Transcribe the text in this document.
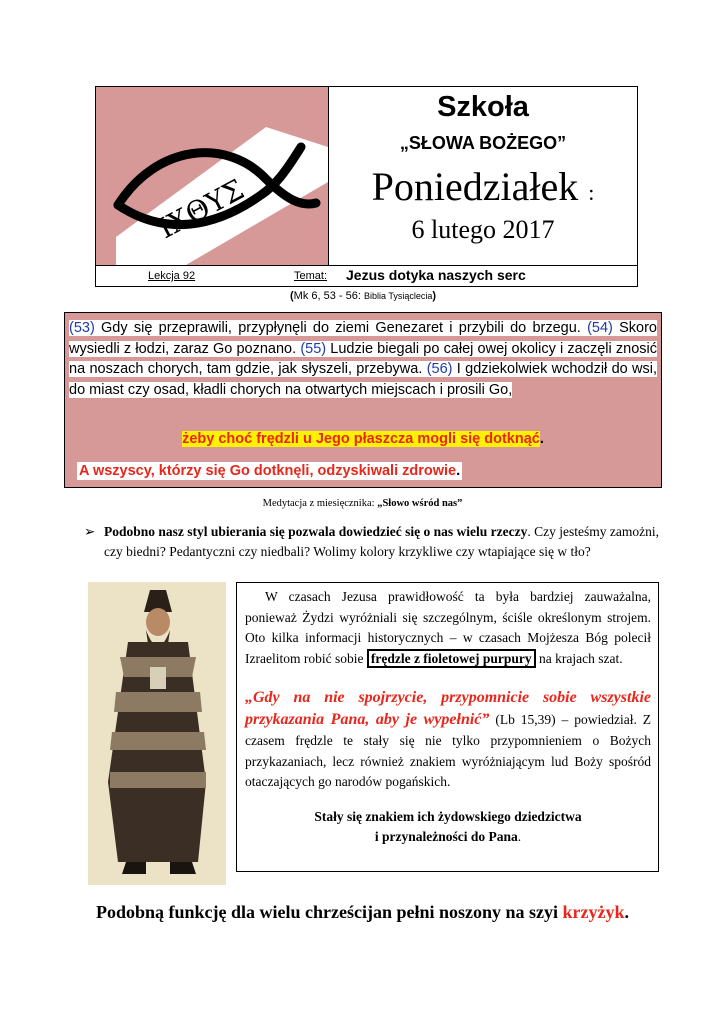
ΙΧΘΥΣ
Szkoła
„SŁOWA BOŻEGO”
Poniedziałek :
6 lutego 2017
Lekcja 92	Temat: Jezus dotyka naszych serc
(Mk 6, 53 - 56: Biblia Tysiąclecia)
(53) Gdy się przeprawili, przypłynęli do ziemi Genezaret i przybili do brzegu. (54) Skoro wysiedli z łodzi, zaraz Go poznano. (55) Ludzie biegali po całej owej okolicy i zaczęli znosić na noszach chorych, tam gdzie, jak słyszeli, przebywa. (56) I gdziekolwiek wchodził do wsi, do miast czy osad, kładli chorych na otwartych miejscach i prosili Go,
żeby choć frędzli u Jego płaszcza mogli się dotknąć.
A wszyscy, którzy się Go dotknęli, odzyskiwali zdrowie.
Medytacja z miesięcznika: „Słowo wśród nas”
➢ Podobno nasz styl ubierania się pozwala dowiedzieć się o nas wielu rzeczy. Czy jesteśmy zamożni, czy biedni? Pedantyczni czy niedbali? Wolimy kolory krzykliwe czy wtapiające się w tło?
W czasach Jezusa prawidłowość ta była bardziej zauważalna, ponieważ Żydzi wyróżniali się szczególnym, ściśle określonym strojem. Oto kilka informacji historycznych – w czasach Mojżesza Bóg polecił Izraelitom robić sobie frędzle z fioletowej purpury na krajach szat.
„Gdy na nie spojrzycie, przypomnicie sobie wszystkie przykazania Pana, aby je wypełnić” (Lb 15,39) – powiedział. Z czasem frędzle te stały się nie tylko przypomnieniem o Bożych przykazaniach, lecz również znakiem wyróżniającym lud Boży spośród otaczających go narodów pogańskich.
Stały się znakiem ich żydowskiego dziedzictwa
i przynależności do Pana.
Podobną funkcję dla wielu chrześcijan pełni noszony na szyi krzyżyk.
